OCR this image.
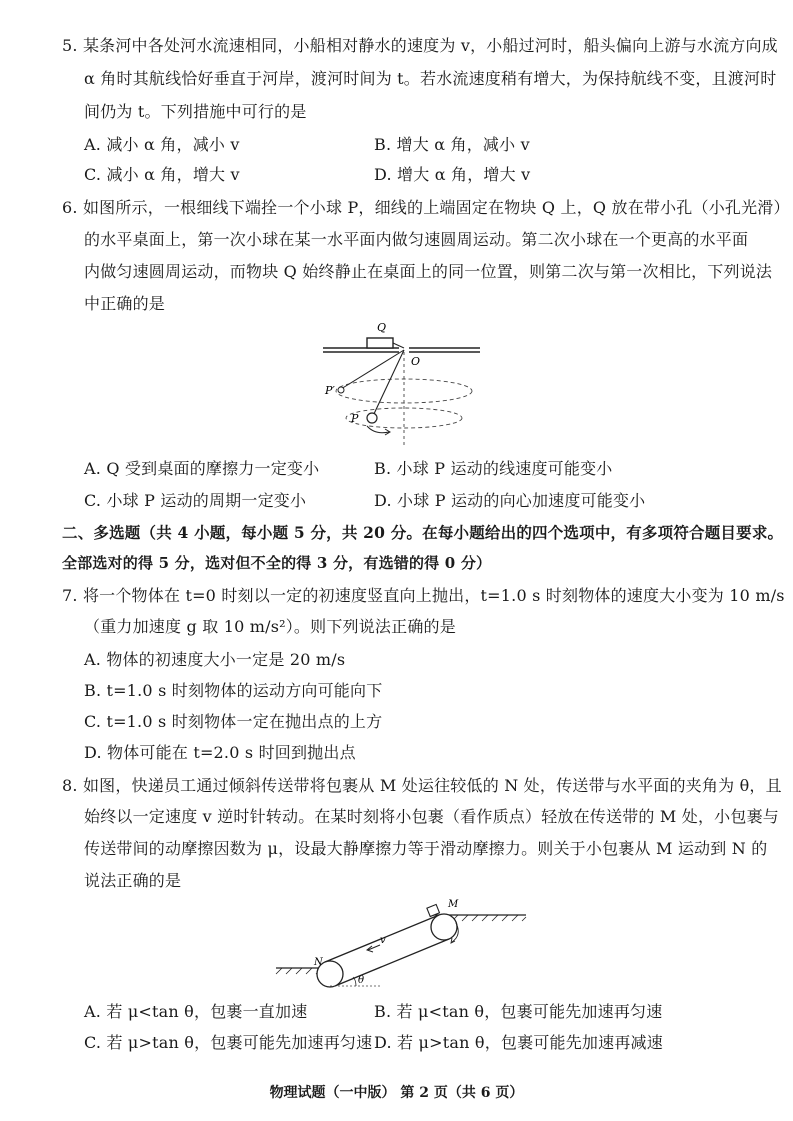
5. 某条河中各处河水流速相同，小船相对静水的速度为 v，小船过河时，船头偏向上游与水流方向成
α 角时其航线恰好垂直于河岸，渡河时间为 t。若水流速度稍有增大，为保持航线不变，且渡河时
间仍为 t。下列措施中可行的是
A. 减小 α 角，减小 v	B. 增大 α 角，减小 v
C. 减小 α 角，增大 v	D. 增大 α 角，增大 v
6. 如图所示，一根细线下端拴一个小球 P，细线的上端固定在物块 Q 上，Q 放在带小孔（小孔光滑）
的水平桌面上，第一次小球在某一水平面内做匀速圆周运动。第二次小球在一个更高的水平面
内做匀速圆周运动，而物块 Q 始终静止在桌面上的同一位置，则第二次与第一次相比，下列说法
中正确的是
Q
O
P′
P
A. Q 受到桌面的摩擦力一定变小	B. 小球 P 运动的线速度可能变小
C. 小球 P 运动的周期一定变小	D. 小球 P 运动的向心加速度可能变小
二、多选题（共 4 小题，每小题 5 分，共 20 分。在每小题给出的四个选项中，有多项符合题目要求。
全部选对的得 5 分，选对但不全的得 3 分，有选错的得 0 分）
7. 将一个物体在 t=0 时刻以一定的初速度竖直向上抛出，t=1.0 s 时刻物体的速度大小变为 10 m/s
（重力加速度 g 取 10 m/s²）。则下列说法正确的是
A. 物体的初速度大小一定是 20 m/s
B. t=1.0 s 时刻物体的运动方向可能向下
C. t=1.0 s 时刻物体一定在抛出点的上方
D. 物体可能在 t=2.0 s 时回到抛出点
8. 如图，快递员工通过倾斜传送带将包裹从 M 处运往较低的 N 处，传送带与水平面的夹角为 θ，且
始终以一定速度 v 逆时针转动。在某时刻将小包裹（看作质点）轻放在传送带的 M 处，小包裹与
传送带间的动摩擦因数为 μ，设最大静摩擦力等于滑动摩擦力。则关于小包裹从 M 运动到 N 的
说法正确的是
v
θ
M
N
A. 若 μ<tan θ，包裹一直加速	B. 若 μ<tan θ，包裹可能先加速再匀速
C. 若 μ>tan θ，包裹可能先加速再匀速 D. 若 μ>tan θ，包裹可能先加速再减速
物理试题（一中版） 第 2 页（共 6 页）
